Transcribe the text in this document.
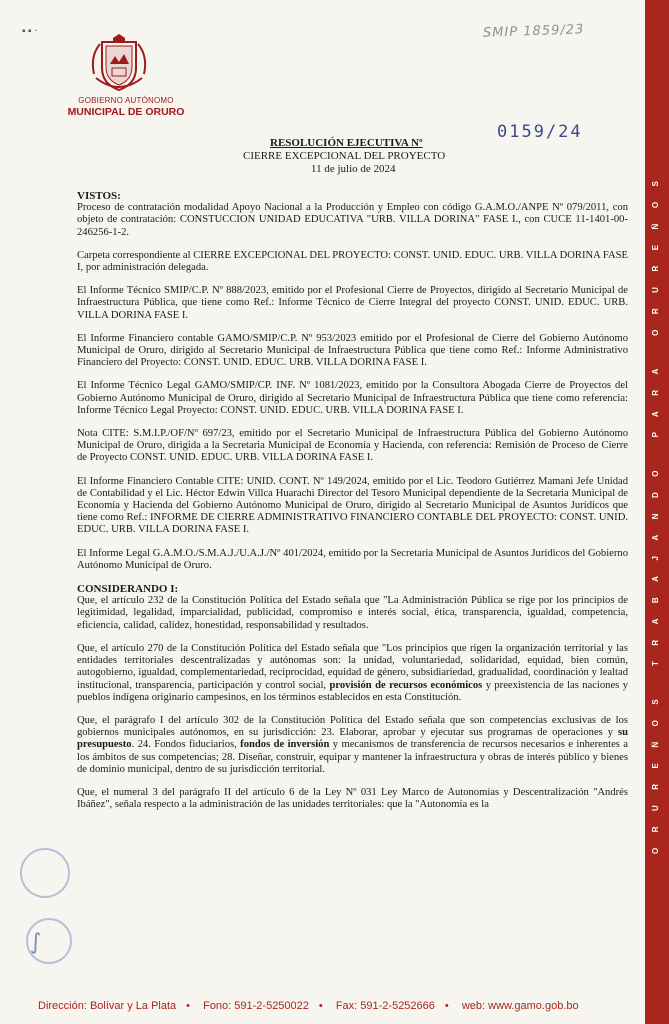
▪ ▪ ·	SMIP 1859/23
GOBIERNO AUTÓNOMO
MUNICIPAL DE ORURO
RESOLUCIÓN EJECUTIVA Nº
0159/24
CIERRE EXCEPCIONAL DEL PROYECTO
11 de julio de 2024
VISTOS:

Proceso de contratación modalidad Apoyo Nacional a la Producción y Empleo con código G.A.M.O./ANPE Nº 079/2011, con objeto de contratación: CONSTUCCION UNIDAD EDUCATIVA "URB. VILLA DORINA" FASE I., con CUCE 11-1401-00-246256-1-2.

Carpeta correspondiente al CIERRE EXCEPCIONAL DEL PROYECTO: CONST. UNID. EDUC. URB. VILLA DORINA FASE I, por administración delegada.

El Informe Técnico SMIP/C.P. Nº 888/2023, emitido por el Profesional Cierre de Proyectos, dirigido al Secretario Municipal de Infraestructura Pública, que tiene como Ref.: Informe Técnico de Cierre Integral del proyecto CONST. UNID. EDUC. URB. VILLA DORINA FASE I.

El Informe Financiero contable GAMO/SMIP/C.P. Nº 953/2023 emitido por el Profesional de Cierre del Gobierno Autónomo Municipal de Oruro, dirigido al Secretario Municipal de Infraestructura Pública que tiene como Ref.: Informe Administrativo Financiero del Proyecto: CONST. UNID. EDUC. URB. VILLA DORINA FASE I.

El Informe Técnico Legal GAMO/SMIP/CP. INF. Nº 1081/2023, emitido por la Consultora Abogada Cierre de Proyectos del Gobierno Autónomo Municipal de Oruro, dirigido al Secretario Municipal de Infraestructura Pública que tiene como referencia: Informe Técnico Legal Proyecto: CONST. UNID. EDUC. URB. VILLA DORINA FASE I.

Nota CITE: S.M.I.P./OF/Nº 697/23, emitido por el Secretario Municipal de Infraestructura Pública del Gobierno Autónomo Municipal de Oruro, dirigida a la Secretaria Municipal de Economía y Hacienda, con referencia: Remisión de Proceso de Cierre de Proyecto CONST. UNID. EDUC. URB. VILLA DORINA FASE I.

El Informe Financiero Contable CITE: UNID. CONT. Nº 149/2024, emitido por el Lic. Teodoro Gutiérrez Mamani Jefe Unidad de Contabilidad y el Lic. Héctor Edwin Villca Huarachi Director del Tesoro Municipal dependiente de la Secretaria Municipal de Economía y Hacienda del Gobierno Autónomo Municipal de Oruro, dirigido al Secretario Municipal de Asuntos Jurídicos que tiene como Ref.: INFORME DE CIERRE ADMINISTRATIVO FINANCIERO CONTABLE DEL PROYECTO: CONST. UNID. EDUC. URB. VILLA DORINA FASE I.

El Informe Legal G.A.M.O./S.M.A.J./U.A.J./Nº 401/2024, emitido por la Secretaria Municipal de Asuntos Jurídicos del Gobierno Autónomo Municipal de Oruro.

CONSIDERANDO I:

Que, el artículo 232 de la Constitución Política del Estado señala que "La Administración Pública se rige por los principios de legitimidad, legalidad, imparcialidad, publicidad, compromiso e interés social, ética, transparencia, igualdad, competencia, eficiencia, calidad, calidez, honestidad, responsabilidad y resultados.

Que, el artículo 270 de la Constitución Política del Estado señala que "Los principios que rigen la organización territorial y las entidades territoriales descentralizadas y autónomas son: la unidad, voluntariedad, solidaridad, equidad, bien común, autogobierno, igualdad, complementariedad, reciprocidad, equidad de género, subsidiariedad, gradualidad, coordinación y lealtad institucional, transparencia, participación y control social, provisión de recursos económicos y preexistencia de las naciones y pueblos indígena originario campesinos, en los términos establecidos en esta Constitución.

Que, el parágrafo I del artículo 302 de la Constitución Política del Estado señala que son competencias exclusivas de los gobiernos municipales autónomos, en su jurisdicción: 23. Elaborar, aprobar y ejecutar sus programas de operaciones y su presupuesto. 24. Fondos fiduciarios, fondos de inversión y mecanismos de transferencia de recursos necesarios e inherentes a los ámbitos de sus competencias; 28. Diseñar, construir, equipar y mantener la infraestructura y obras de interés público y bienes de dominio municipal, dentro de su jurisdicción territorial.

Que, el numeral 3 del parágrafo II del artículo 6 de la Ley Nº 031 Ley Marco de Autonomías y Descentralización "Andrés Ibáñez", señala respecto a la administración de las unidades territoriales: que la "Autonomía es la

∫
ORUREÑOS TRABAJANDO PARA ORUREÑOS
Dirección: Bolívar y La Plata • Fono: 591-2-5250022 • Fax: 591-2-5252666 • web: www.gamo.gob.bo
